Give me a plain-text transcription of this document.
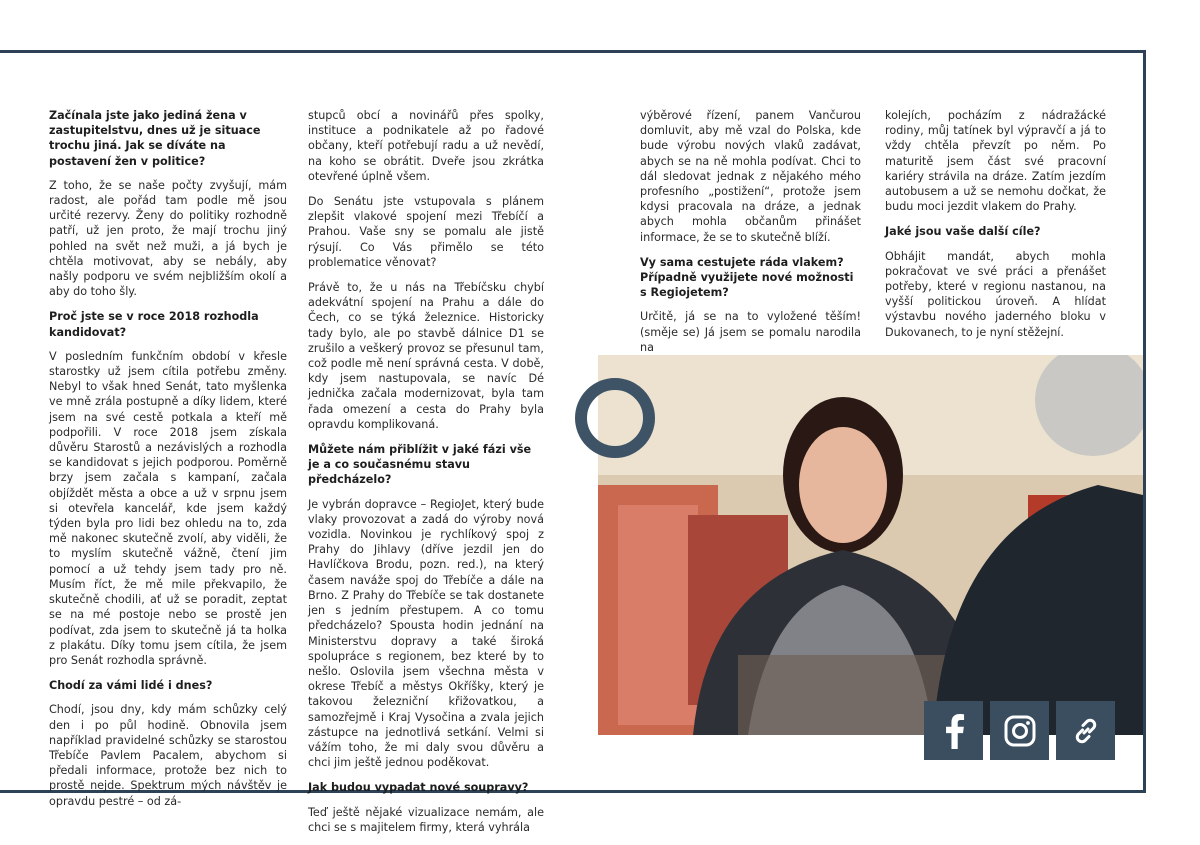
Začínala jste jako jediná žena v zastupitelstvu, dnes už je situace trochu jiná. Jak se díváte na postavení žen v politice?

Z toho, že se naše počty zvyšují, mám radost, ale pořád tam podle mě jsou určité rezervy. Ženy do politiky rozhodně patří, už jen proto, že mají trochu jiný pohled na svět než muži, a já bych je chtěla motivovat, aby se nebály, aby našly podporu ve svém nejbližším okolí a aby do toho šly.

Proč jste se v roce 2018 rozhodla kandidovat?

V posledním funkčním období v křesle starostky už jsem cítila potřebu změny. Nebyl to však hned Senát, tato myšlenka ve mně zrála postupně a díky lidem, které jsem na své cestě potkala a kteří mě podpořili. V roce 2018 jsem získala důvěru Starostů a nezávislých a rozhodla se kandidovat s jejich podporou. Poměrně brzy jsem začala s kampaní, začala objíždět města a obce a už v srpnu jsem si otevřela kancelář, kde jsem každý týden byla pro lidi bez ohledu na to, zda mě nakonec skutečně zvolí, aby viděli, že to myslím skutečně vážně, čtení jim pomocí a už tehdy jsem tady pro ně. Musím říct, že mě mile překvapilo, že skutečně chodili, ať už se poradit, zeptat se na mé postoje nebo se prostě jen podívat, zda jsem to skutečně já ta holka z plakátu. Díky tomu jsem cítila, že jsem pro Senát rozhodla správně.

Chodí za vámi lidé i dnes?

Chodí, jsou dny, kdy mám schůzky celý den i po půl hodině. Obnovila jsem například pravidelné schůzky se starostou Třebíče Pavlem Pacalem, abychom si předali informace, protože bez nich to prostě nejde. Spektrum mých návštěv je opravdu pestré – od zá-

stupců obcí a novinářů přes spolky, instituce a podnikatele až po řadové občany, kteří potřebují radu a už nevědí, na koho se obrátit. Dveře jsou zkrátka otevřené úplně všem.

Do Senátu jste vstupovala s plánem zlepšit vlakové spojení mezi Třebíčí a Prahou. Vaše sny se pomalu ale jistě rýsují. Co Vás přimělo se této problematice věnovat?

Právě to, že u nás na Třebíčsku chybí adekvátní spojení na Prahu a dále do Čech, co se týká železnice. Historicky tady bylo, ale po stavbě dálnice D1 se zrušilo a veškerý provoz se přesunul tam, což podle mě není správná cesta. V době, kdy jsem nastupovala, se navíc Dé jednička začala modernizovat, byla tam řada omezení a cesta do Prahy byla opravdu komplikovaná.

Můžete nám přiblížit v jaké fázi vše je a co současnému stavu předcházelo?

Je vybrán dopravce – RegioJet, který bude vlaky provozovat a zadá do výroby nová vozidla. Novinkou je rychlíkový spoj z Prahy do Jihlavy (dříve jezdil jen do Havlíčkova Brodu, pozn. red.), na který časem naváže spoj do Třebíče a dále na Brno. Z Prahy do Třebíče se tak dostanete jen s jedním přestupem. A co tomu předcházelo? Spousta hodin jednání na Ministerstvu dopravy a také široká spolupráce s regionem, bez které by to nešlo. Oslovila jsem všechna města v okrese Třebíč a městys Okříšky, který je takovou železniční křižovatkou, a samozřejmě i Kraj Vysočina a zvala jejich zástupce na jednotlivá setkání. Velmi si vážím toho, že mi daly svou důvěru a chci jim ještě jednou poděkovat.

Jak budou vypadat nové soupravy?

Teď ještě nějaké vizualizace nemám, ale chci se s majitelem firmy, která vyhrála

výběrové řízení, panem Vančurou domluvit, aby mě vzal do Polska, kde bude výrobu nových vlaků zadávat, abych se na ně mohla podívat. Chci to dál sledovat jednak z nějakého mého profesního „postižení“, protože jsem kdysi pracovala na dráze, a jednak abych mohla občanům přinášet informace, že se to skutečně blíží.

Vy sama cestujete ráda vlakem? Případně využijete nové možnosti s Regiojetem?

Určitě, já se na to vyložené těším! (směje se) Já jsem se pomalu narodila na

kolejích, pocházím z nádražácké rodiny, můj tatínek byl výpravčí a já to vždy chtěla převzít po něm. Po maturitě jsem část své pracovní kariéry strávila na dráze. Zatím jezdím autobusem a už se nemohu dočkat, že budu moci jezdit vlakem do Prahy.

Jaké jsou vaše další cíle?

Obhájit mandát, abych mohla pokračovat ve své práci a přenášet potřeby, které v regionu nastanou, na vyšší politickou úroveň. A hlídat výstavbu nového jaderného bloku v Dukovanech, to je nyní stěžejní.
